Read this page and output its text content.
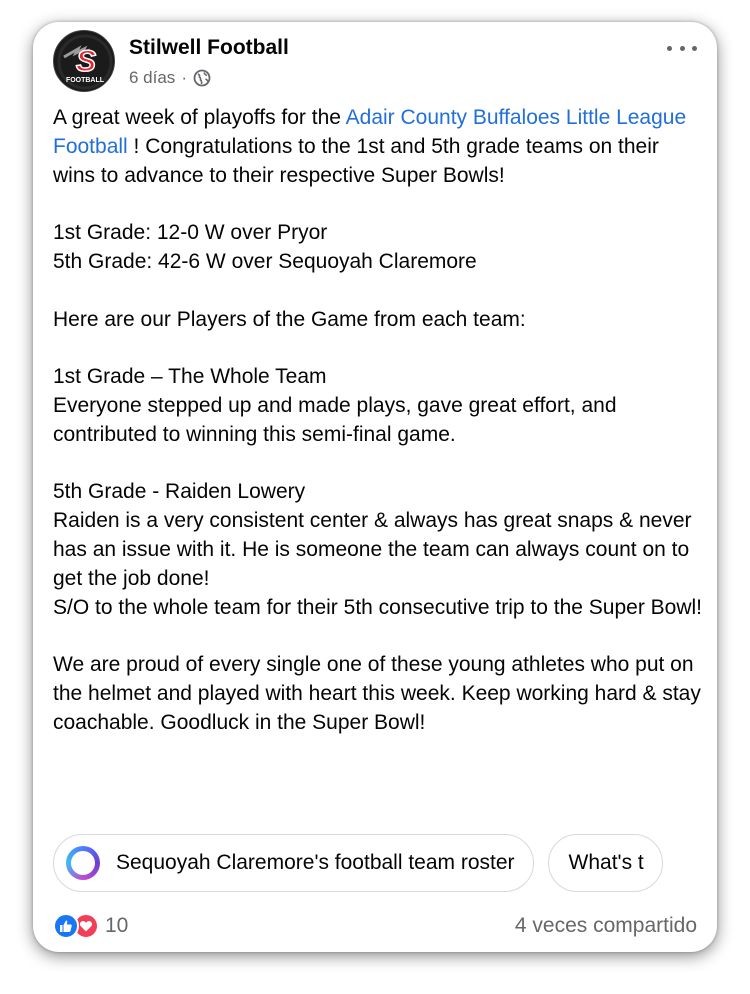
S
FOOTBALL
Stilwell Football
6 días ·

A great week of playoffs for the Adair County Buffaloes Little League Football ! Congratulations to the 1st and 5th grade teams on their wins to advance to their respective Super Bowls!

1st Grade: 12-0 W over Pryor

5th Grade: 42-6 W over Sequoyah Claremore

Here are our Players of the Game from each team:

1st Grade – The Whole Team

Everyone stepped up and made plays, gave great effort, and contributed to winning this semi-final game.

5th Grade - Raiden Lowery

Raiden is a very consistent center & always has great snaps & never has an issue with it. He is someone the team can always count on to get the job done!

S/O to the whole team for their 5th consecutive trip to the Super Bowl!

We are proud of every single one of these young athletes who put on the helmet and played with heart this week. Keep working hard & stay coachable. Goodluck in the Super Bowl!

Sequoyah Claremore's football team roster	What's t
10	4 veces compartido
